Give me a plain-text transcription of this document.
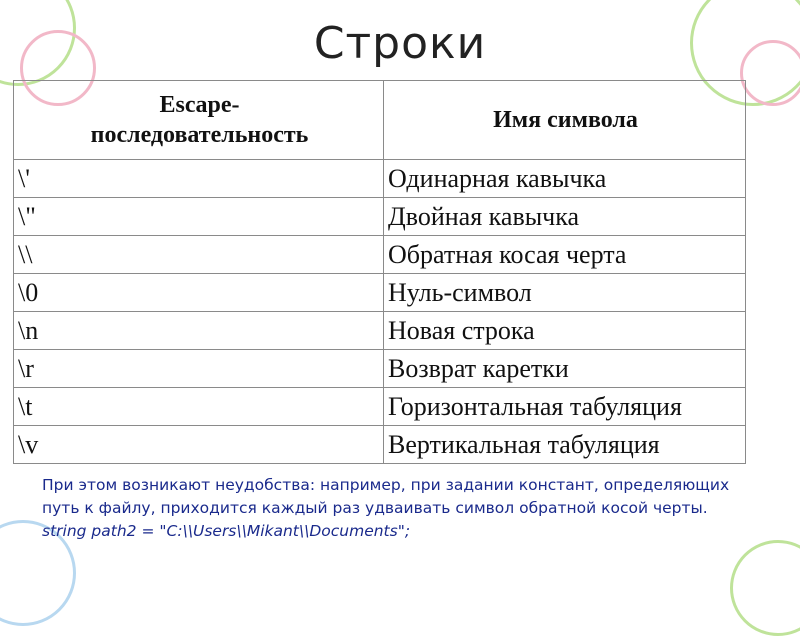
Строки
Escape-
последовательность	Имя символа
\'	Одинарная кавычка
\"	Двойная кавычка
\\	Обратная косая черта
\0	Нуль-символ
\n	Новая строка
\r	Возврат каретки
\t	Горизонтальная табуляция
\v	Вертикальная табуляция

При этом возникают неудобства: например, при задании констант, определяющих путь к файлу, приходится каждый раз удваивать символ обратной косой черты.

string path2 = "C:\\Users\\Mikant\\Documents";
